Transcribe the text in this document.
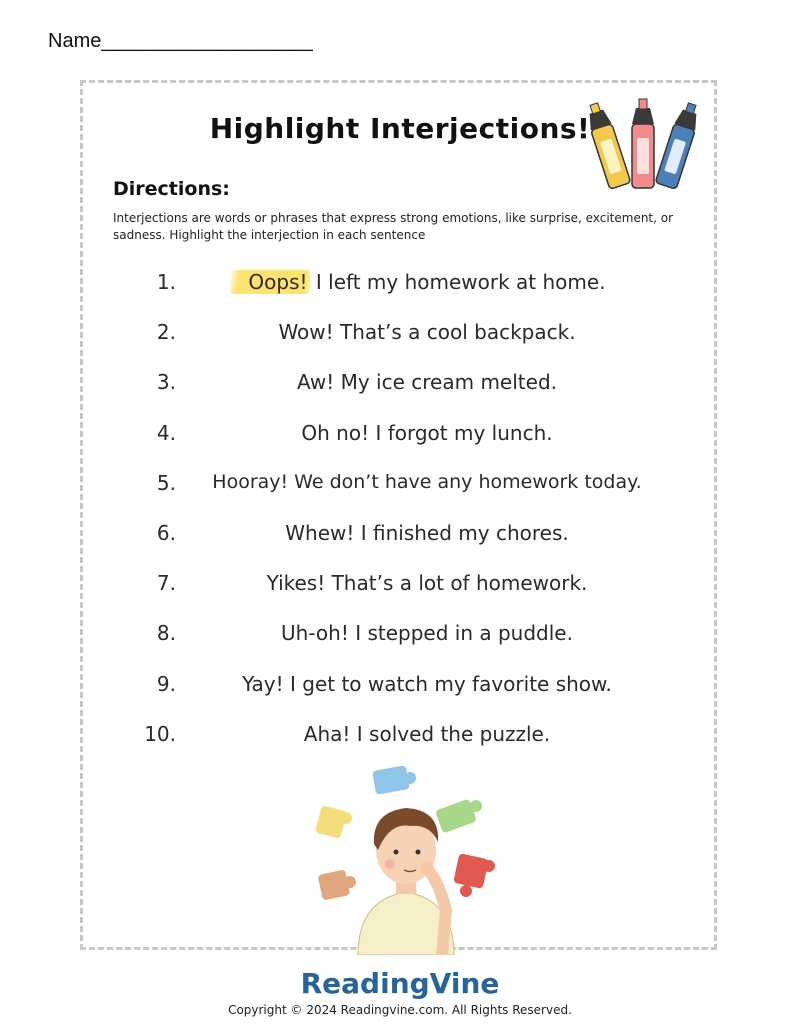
Name___________________
Highlight Interjections!
Directions:
Interjections are words or phrases that express strong emotions, like surprise, excitement, or sadness. Highlight the interjection in each sentence
1.	Oops! I left my homework at home.
2.	Wow! That’s a cool backpack.
3.	Aw! My ice cream melted.
4.	Oh no! I forgot my lunch.
5.	Hooray! We don’t have any homework today.
6.	Whew! I finished my chores.
7.	Yikes! That’s a lot of homework.
8.	Uh-oh! I stepped in a puddle.
9.	Yay! I get to watch my favorite show.
10.	Aha! I solved the puzzle.
ReadingVine
Copyright © 2024 Readingvine.com. All Rights Reserved.
